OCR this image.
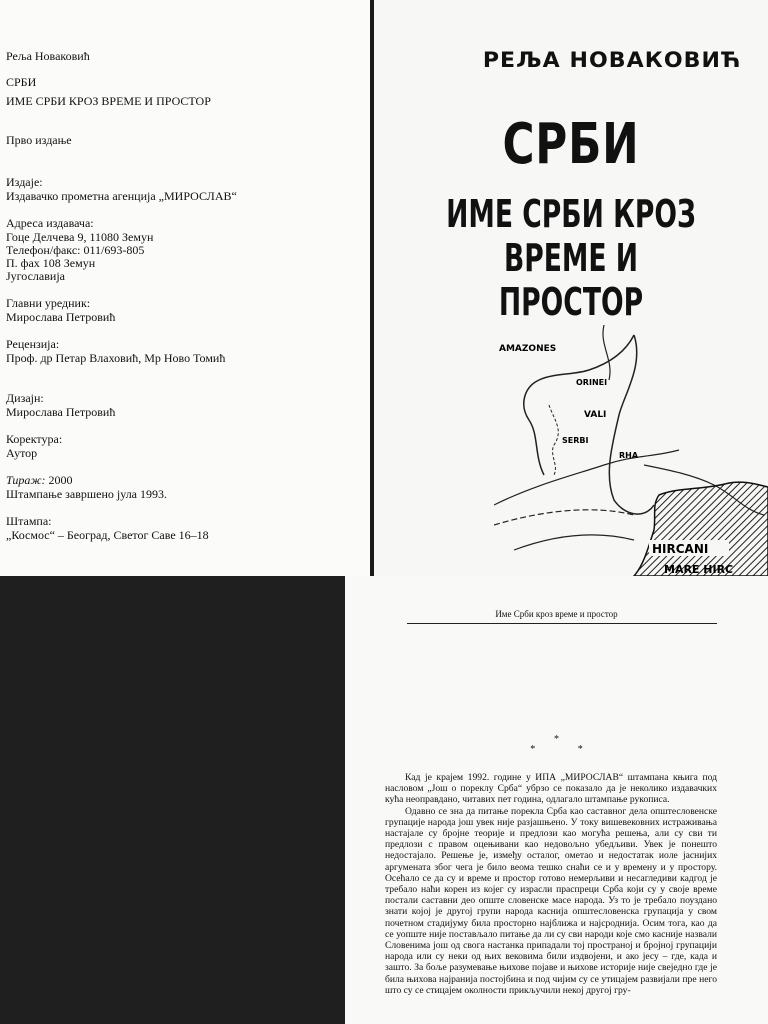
Рељa Новаковић
СРБИ
ИМЕ СРБИ КРОЗ ВРЕМЕ И ПРОСТОР
Прво издање
Издаје:
Издавачко прометна агенција „МИРОСЛАВ“
Адреса издавача:
Гоце Делчева 9, 11080 Земун
Телефон/факс: 011/693-805
П. фах 108 Земун
Југославија
Главни уредник:
Мирослава Петровић
Рецензија:
Проф. др Петар Влаховић, Мр Ново Томић
Дизајн:
Мирослава Петровић
Коректура:
Аутор
Тираж: 2000
Штампање завршено јула 1993.
Штампа:
„Космос“ – Београд, Светог Саве 16–18
РЕЉА НОВАКОВИЋ
СРБИ
ИМЕ СРБИ КРОЗ
ВРЕМЕ И ПРОСТОР
AMAZONES
ORINEI
VALI
SERBI
RHA
HIRCANI
MARE HIRC
Име Срби кроз време и простор
*
* *

Кад је крајем 1992. године у ИПА „МИРОСЛАВ“ штампана књига под насловом „Још о пореклу Срба“ убрзо се показало да је неколико издавачких кућа неоправдано, читавих пет година, одлагало штампање рукописа.

Одавно се зна да питање порекла Срба као саставног дела општесловенске групације народа још увек није разјашњено. У току вишевековних истраживања настајале су бројне теорије и предлози као могућа решења, али су сви ти предлози с правом оцењивани као недовољно убедљиви. Увек је понешто недостајало. Решење је, између осталог, ометао и недостатак иоле јаснијих аргумената због чега је било веома тешко снаћи се и у времену и у простору. Осећало се да су и време и простор готово немерљиви и несагледиви кадгод је требало наћи корен из којег су израсли праспреци Срба који су у своје време постали саставни део опште словенске масе народа. Уз то је требало поуздано знати којој је другој групи народа каснија општесловенска групација у свом почетном стадијуму била просторно најближа и најсроднија. Осим тога, као да се уопште није постављало питање да ли су сви народи које смо касније назвали Словенима још од свога настанка припадали тој пространој и бројној групацији народа или су неки од њих вековима били издвојени, и ако јесу – где, када и зашто. За боље разумевање њихове појаве и њихове историје није свеједно где је била њихова најранија постојбина и под чијим су се утицајем развијали пре него што су се стицајем околности прикључили некој другој гру-
